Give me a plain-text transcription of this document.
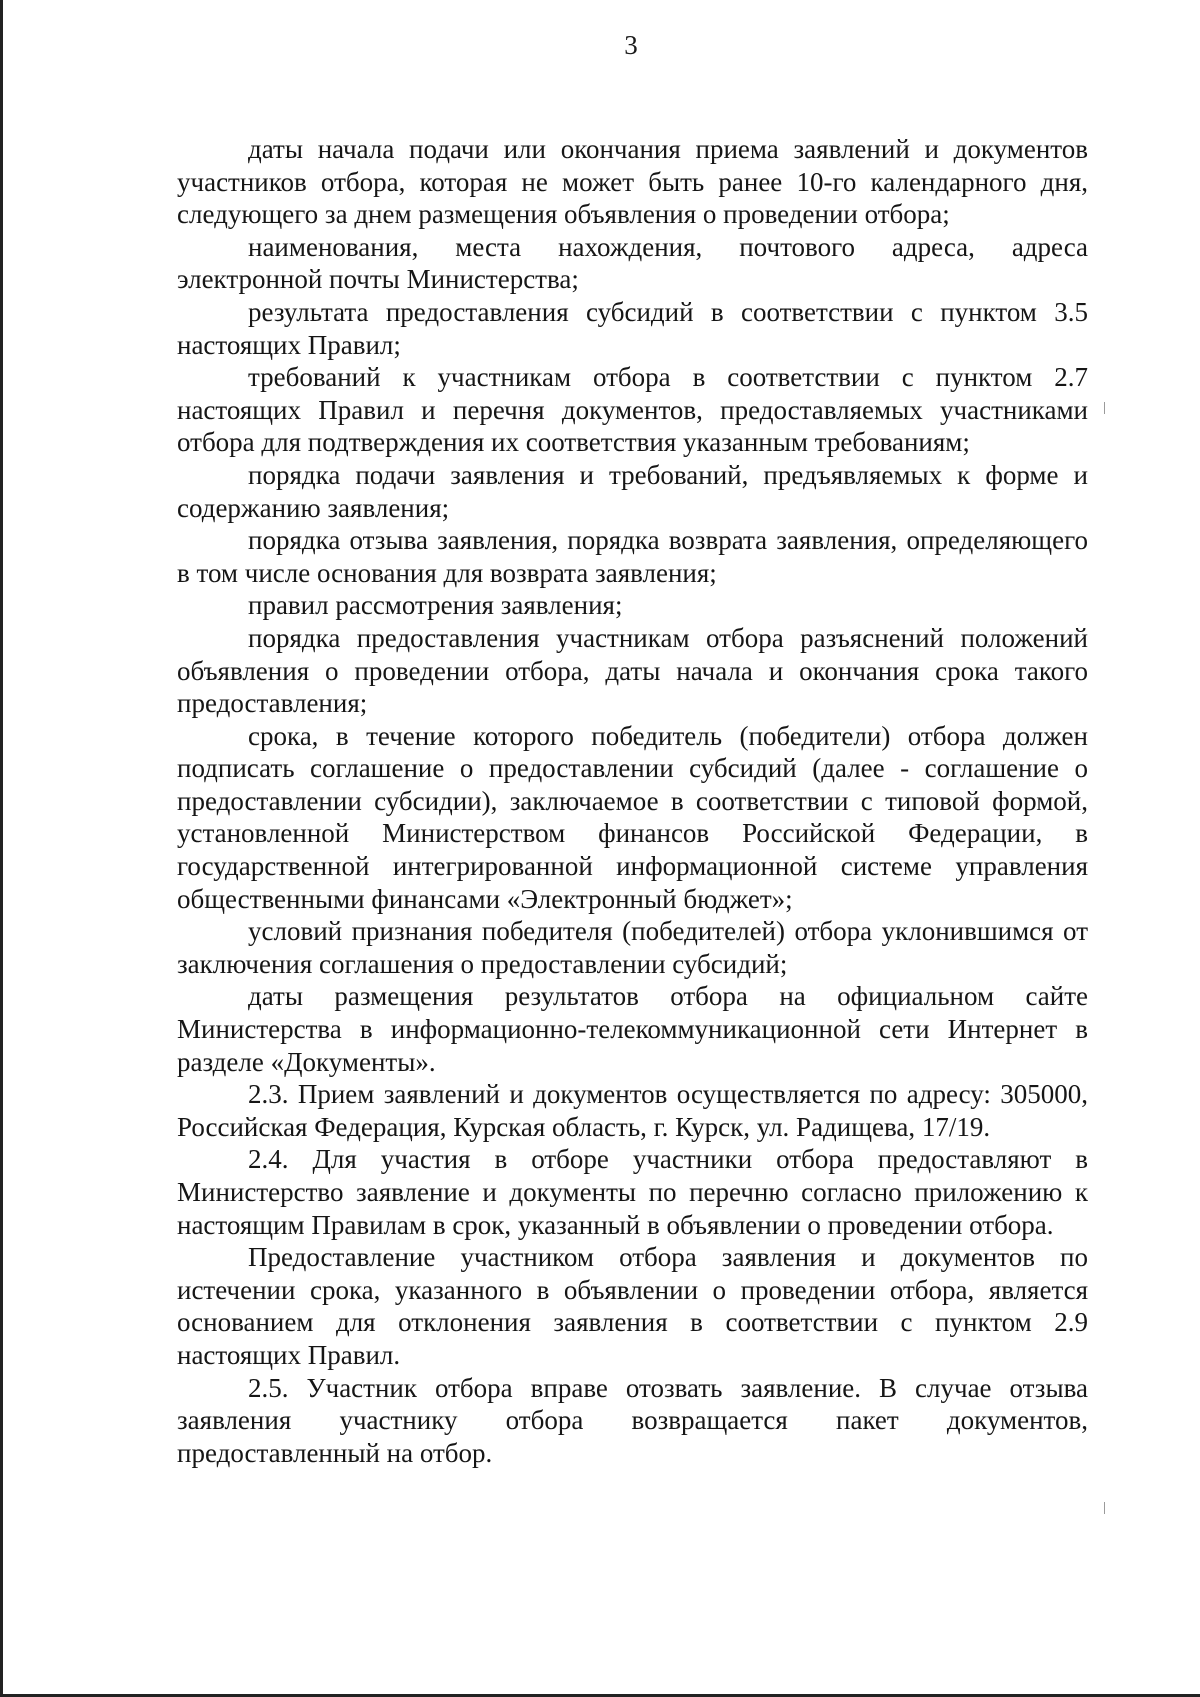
3

даты начала подачи или окончания приема заявлений и документов участников отбора, которая не может быть ранее 10-го календарного дня, следующего за днем размещения объявления о проведении отбора;

наименования, места нахождения, почтового адреса, адреса электронной почты Министерства;

результата предоставления субсидий в соответствии с пунктом 3.5 настоящих Правил;

требований к участникам отбора в соответствии с пунктом 2.7 настоящих Правил и перечня документов, предоставляемых участниками отбора для подтверждения их соответствия указанным требованиям;

порядка подачи заявления и требований, предъявляемых к форме и содержанию заявления;

порядка отзыва заявления, порядка возврата заявления, определяющего в том числе основания для возврата заявления;

правил рассмотрения заявления;

порядка предоставления участникам отбора разъяснений положений объявления о проведении отбора, даты начала и окончания срока такого предоставления;

срока, в течение которого победитель (победители) отбора должен подписать соглашение о предоставлении субсидий (далее - соглашение о предоставлении субсидии), заключаемое в соответствии с типовой формой, установленной Министерством финансов Российской Федерации, в государственной интегрированной информационной системе управления общественными финансами «Электронный бюджет»;

условий признания победителя (победителей) отбора уклонившимся от заключения соглашения о предоставлении субсидий;

даты размещения результатов отбора на официальном сайте Министерства в информационно-телекоммуникационной сети Интернет в разделе «Документы».

2.3. Прием заявлений и документов осуществляется по адресу: 305000, Российская Федерация, Курская область, г. Курск, ул. Радищева, 17/19.

2.4. Для участия в отборе участники отбора предоставляют в Министерство заявление и документы по перечню согласно приложению к настоящим Правилам в срок, указанный в объявлении о проведении отбора.

Предоставление участником отбора заявления и документов по истечении срока, указанного в объявлении о проведении отбора, является основанием для отклонения заявления в соответствии с пунктом 2.9 настоящих Правил.

2.5. Участник отбора вправе отозвать заявление. В случае отзыва заявления участнику отбора возвращается пакет документов, предоставленный на отбор.
